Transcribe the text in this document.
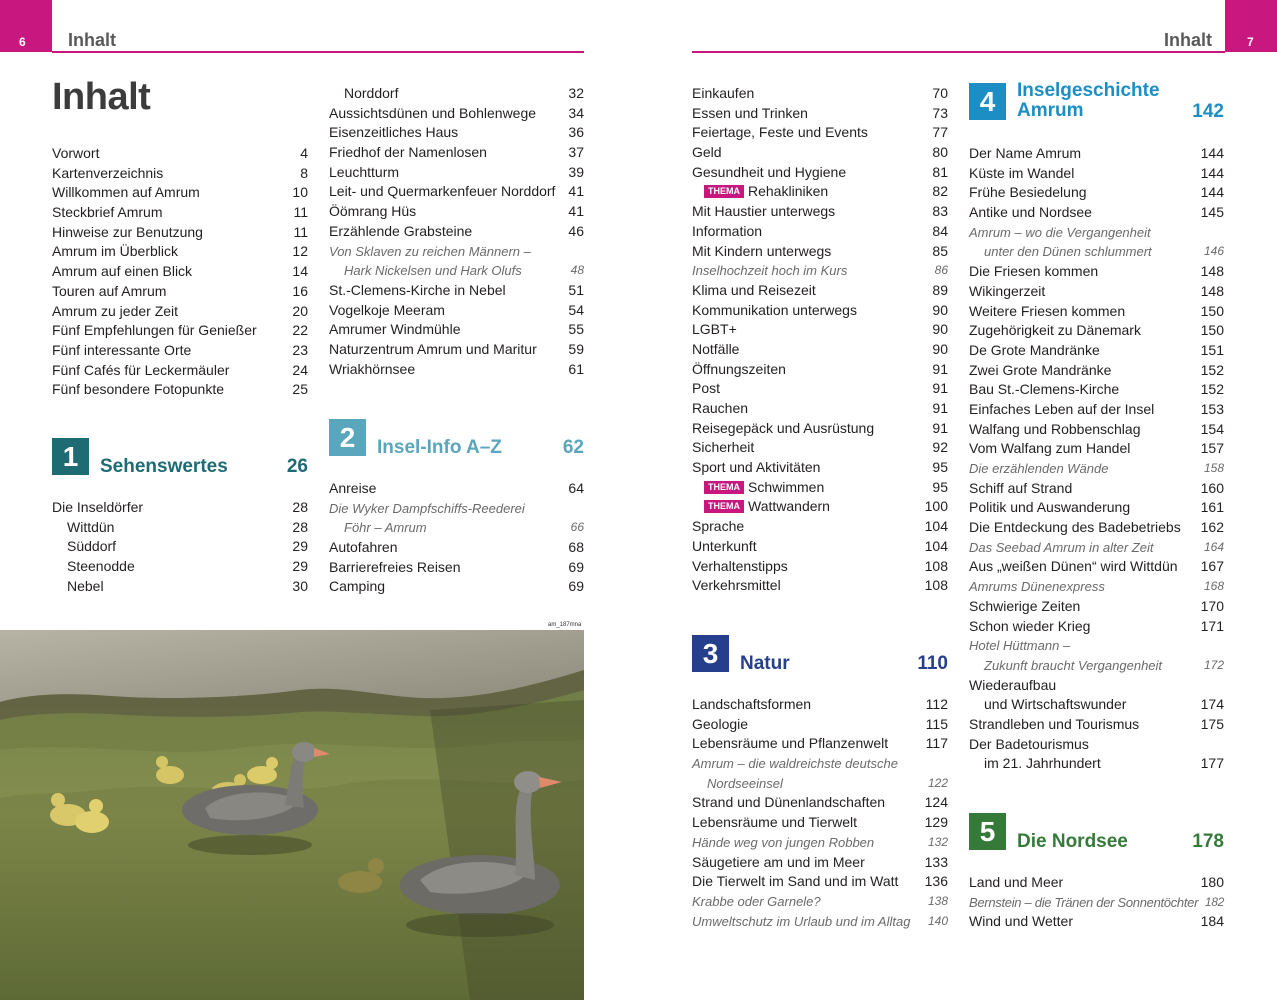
6 Inhalt	7
Inhalt
Inhalt
Vorwort	4
Kartenverzeichnis	8
Willkommen auf Amrum	10
Steckbrief Amrum	11
Hinweise zur Benutzung	11
Amrum im Überblick	12
Amrum auf einen Blick	14
Touren auf Amrum	16
Amrum zu jeder Zeit	20
Fünf Empfehlungen für Genießer	22
Fünf interessante Orte	23
Fünf Cafés für Leckermäuler	24
Fünf besondere Fotopunkte	25
1	Sehenswertes	26
Die Inseldörfer	28
Wittdün	28
Süddorf	29
Steenodde	29
Nebel	30
Norddorf	32
Aussichtsdünen und Bohlenwege 34
Eisenzeitliches Haus	36
Friedhof der Namenlosen	37
Leuchtturm	39
Leit- und Quermarkenfeuer Norddorf 41
Öömrang Hüs	41
Erzählende Grabsteine	46
Von Sklaven zu reichen Männern –
Hark Nickelsen und Hark Olufs	48
St.-Clemens-Kirche in Nebel	51
Vogelkoje Meeram	54
Amrumer Windmühle	55
Naturzentrum Amrum und Maritur 59
Wriakhörnsee	61
2	Insel-Info A–Z	62
Anreise	64
Die Wyker Dampfschiffs-Reederei
Föhr – Amrum	66
Autofahren	68
Barrierefreies Reisen	69
Camping	69
am_187mna
Einkaufen	70
Essen und Trinken	73
Feiertage, Feste und Events	77
Geld	80
Gesundheit und Hygiene	81
THEMA Rehakliniken	82
Mit Haustier unterwegs	83
Information	84
Mit Kindern unterwegs	85
Inselhochzeit hoch im Kurs	86
Klima und Reisezeit	89
Kommunikation unterwegs	90
LGBT+	90
Notfälle	90
Öffnungszeiten	91
Post	91
Rauchen	91
Reisegepäck und Ausrüstung	91
Sicherheit	92
Sport und Aktivitäten	95
THEMA Schwimmen	95
THEMA Wattwandern	100
Sprache	104
Unterkunft	104
Verhaltenstipps	108
Verkehrsmittel	108
3	Natur	110
Landschaftsformen	112
Geologie	115
Lebensräume und Pflanzenwelt	117
Amrum – die waldreichste deutsche
Nordseeinsel	122
Strand und Dünenlandschaften	124
Lebensräume und Tierwelt	129
Hände weg von jungen Robben	132
Säugetiere am und im Meer	133
Die Tierwelt im Sand und im Watt 136
Krabbe oder Garnele?	138
Umweltschutz im Urlaub und im Alltag 140
4	Inselgeschichte
Amrum	142
Der Name Amrum	144
Küste im Wandel	144
Frühe Besiedelung	144
Antike und Nordsee	145
Amrum – wo die Vergangenheit
unter den Dünen schlummert	146
Die Friesen kommen	148
Wikingerzeit	148
Weitere Friesen kommen	150
Zugehörigkeit zu Dänemark	150
De Grote Mandränke	151
Zwei Grote Mandränke	152
Bau St.-Clemens-Kirche	152
Einfaches Leben auf der Insel	153
Walfang und Robbenschlag	154
Vom Walfang zum Handel	157
Die erzählenden Wände	158
Schiff auf Strand	160
Politik und Auswanderung	161
Die Entdeckung des Badebetriebs 162
Das Seebad Amrum in alter Zeit	164
Aus „weißen Dünen“ wird Wittdün 167
Amrums Dünenexpress	168
Schwierige Zeiten	170
Schon wieder Krieg	171
Hotel Hüttmann –
Zukunft braucht Vergangenheit	172
Wiederaufbau
und Wirtschaftswunder	174
Strandleben und Tourismus	175
Der Badetourismus
im 21. Jahrhundert	177
5	Die Nordsee	178
Land und Meer	180
Bernstein – die Tränen der Sonnentöchter 182
Wind und Wetter	184
